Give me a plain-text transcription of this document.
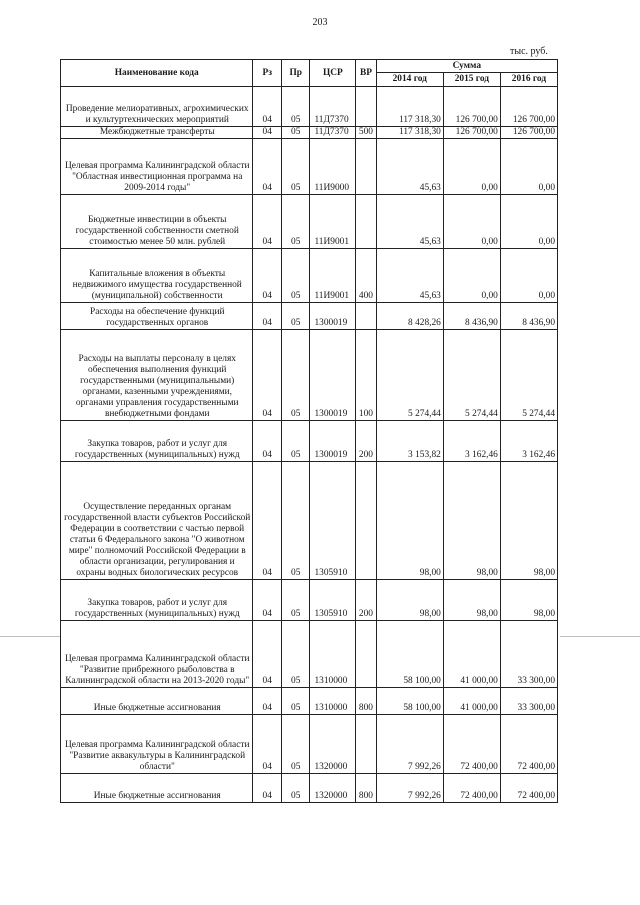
203
тыс. руб.
Наименование кода	Рз	Пр	ЦСР	ВР	Сумма		
					2014 год	2015 год	2016 год
Проведение мелиоративных, агрохимических и культуртехнических мероприятий	04	05	11Д7370		117 318,30	126 700,00	126 700,00
Межбюджетные трансферты	04	05	11Д7370	500	117 318,30	126 700,00	126 700,00
Целевая программа Калининградской области "Областная инвестиционная программа на 2009-2014 годы"	04	05	11И9000		45,63	0,00	0,00
Бюджетные инвестиции в объекты государственной собственности сметной стоимостью менее 50 млн. рублей	04	05	11И9001		45,63	0,00	0,00
Капитальные вложения в объекты недвижимого имущества государственной (муниципальной) собственности	04	05	11И9001	400	45,63	0,00	0,00
Расходы на обеспечение функций государственных органов	04	05	1300019		8 428,26	8 436,90	8 436,90
Расходы на выплаты персоналу в целях обеспечения выполнения функций государственными (муниципальными) органами, казенными учреждениями, органами управления государственными внебюджетными фондами	04	05	1300019	100	5 274,44	5 274,44	5 274,44
Закупка товаров, работ и услуг для государственных (муниципальных) нужд	04	05	1300019	200	3 153,82	3 162,46	3 162,46
Осуществление переданных органам государственной власти субъектов Российской Федерации в соответствии с частью первой статьи 6 Федерального закона "О животном мире" полномочий Российской Федерации в области организации, регулирования и охраны водных биологических ресурсов	04	05	1305910		98,00	98,00	98,00
Закупка товаров, работ и услуг для государственных (муниципальных) нужд	04	05	1305910	200	98,00	98,00	98,00
Целевая программа Калининградской области "Развитие прибрежного рыболовства в Калининградской области на 2013-2020 годы"	04	05	1310000		58 100,00	41 000,00	33 300,00
Иные бюджетные ассигнования	04	05	1310000	800	58 100,00	41 000,00	33 300,00
Целевая программа Калининградской области "Развитие аквакультуры в Калининградской области"	04	05	1320000		7 992,26	72 400,00	72 400,00
Иные бюджетные ассигнования	04	05	1320000	800	7 992,26	72 400,00	72 400,00
